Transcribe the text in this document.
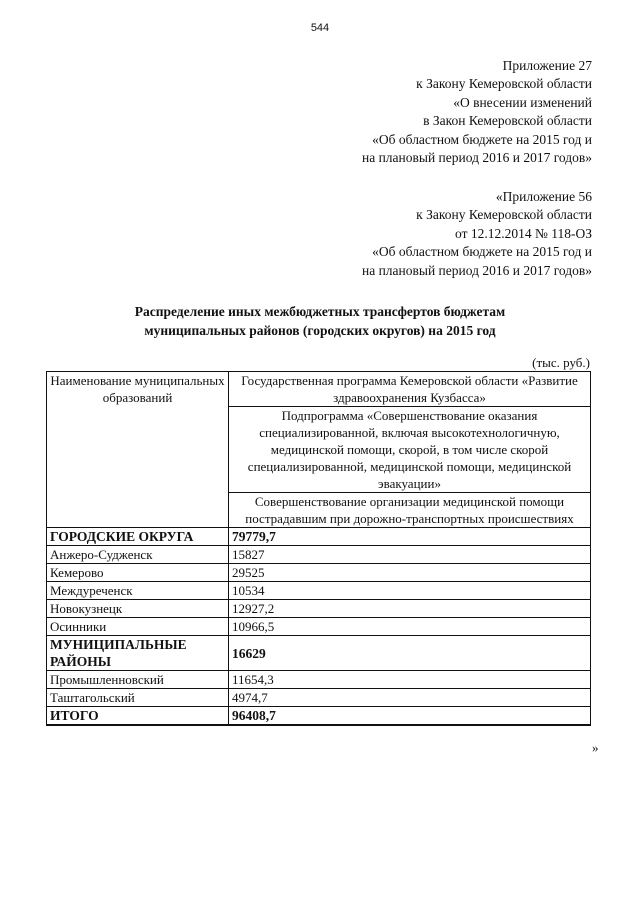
544
Приложение 27
к Закону Кемеровской области
«О внесении изменений
в Закон Кемеровской области
«Об областном бюджете на 2015 год и
на плановый период 2016 и 2017 годов»
«Приложение 56
к Закону Кемеровской области
от 12.12.2014 № 118-ОЗ
«Об областном бюджете на 2015 год и
на плановый период 2016 и 2017 годов»
Распределение иных межбюджетных трансфертов бюджетам
муниципальных районов (городских округов) на 2015 год
(тыс. руб.)
Наименование муниципальных образований	Государственная программа Кемеровской области «Развитие здравоохранения Кузбасса»
	Подпрограмма «Совершенствование оказания специализированной, включая высокотехнологичную, медицинской помощи, скорой, в том числе скорой специализированной, медицинской помощи, медицинской эвакуации»
	Совершенствование организации медицинской помощи пострадавшим при дорожно-транспортных происшествиях
ГОРОДСКИЕ ОКРУГА	79779,7
Анжеро-Судженск	15827
Кемерово	29525
Междуреченск	10534
Новокузнецк	12927,2
Осинники	10966,5
МУНИЦИПАЛЬНЫЕ РАЙОНЫ	16629
Промышленновский	11654,3
Таштагольский	4974,7
ИТОГО	96408,7
»
